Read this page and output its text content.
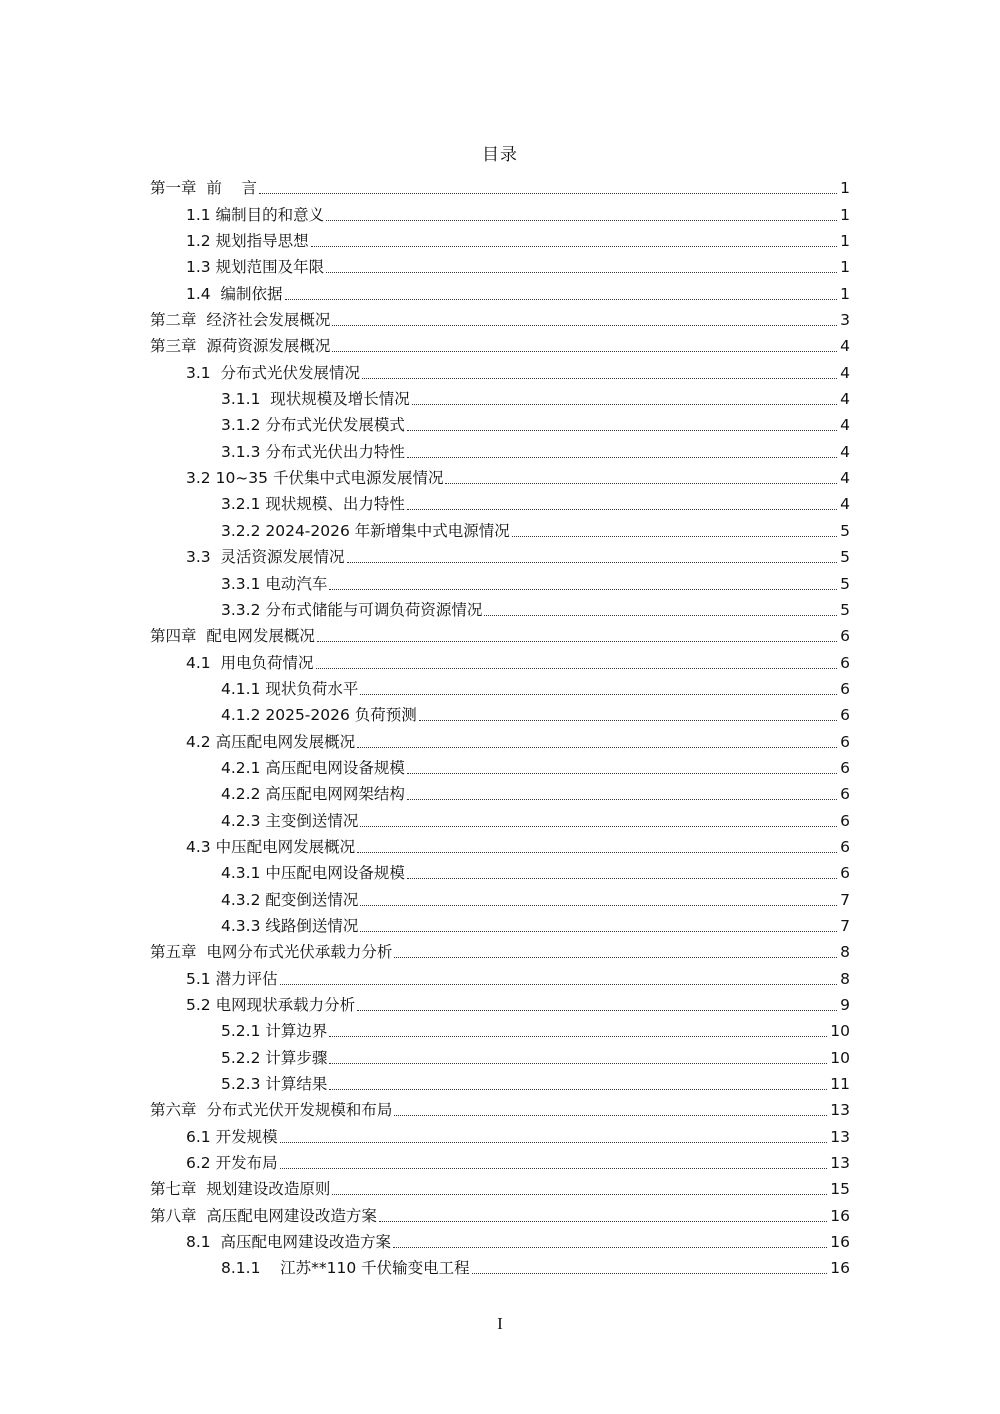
目录
第一章  前    言	1
1.1 编制目的和意义	1
1.2 规划指导思想	1
1.3 规划范围及年限	1
1.4  编制依据	1
第二章  经济社会发展概况	3
第三章  源荷资源发展概况	4
3.1  分布式光伏发展情况	4
3.1.1  现状规模及增长情况	4
3.1.2 分布式光伏发展模式	4
3.1.3 分布式光伏出力特性	4
3.2 10~35 千伏集中式电源发展情况	4
3.2.1 现状规模、出力特性	4
3.2.2 2024-2026 年新增集中式电源情况	5
3.3  灵活资源发展情况	5
3.3.1 电动汽车	5
3.3.2 分布式储能与可调负荷资源情况	5
第四章  配电网发展概况	6
4.1  用电负荷情况	6
4.1.1 现状负荷水平	6
4.1.2 2025-2026 负荷预测	6
4.2 高压配电网发展概况	6
4.2.1 高压配电网设备规模	6
4.2.2 高压配电网网架结构	6
4.2.3 主变倒送情况	6
4.3 中压配电网发展概况	6
4.3.1 中压配电网设备规模	6
4.3.2 配变倒送情况	7
4.3.3 线路倒送情况	7
第五章  电网分布式光伏承载力分析	8
5.1 潜力评估	8
5.2 电网现状承载力分析	9
5.2.1 计算边界	10
5.2.2 计算步骤	10
5.2.3 计算结果	11
第六章  分布式光伏开发规模和布局	13
6.1 开发规模	13
6.2 开发布局	13
第七章  规划建设改造原则	15
第八章  高压配电网建设改造方案	16
8.1  高压配电网建设改造方案	16
8.1.1    江苏**110 千伏输变电工程	16
I
